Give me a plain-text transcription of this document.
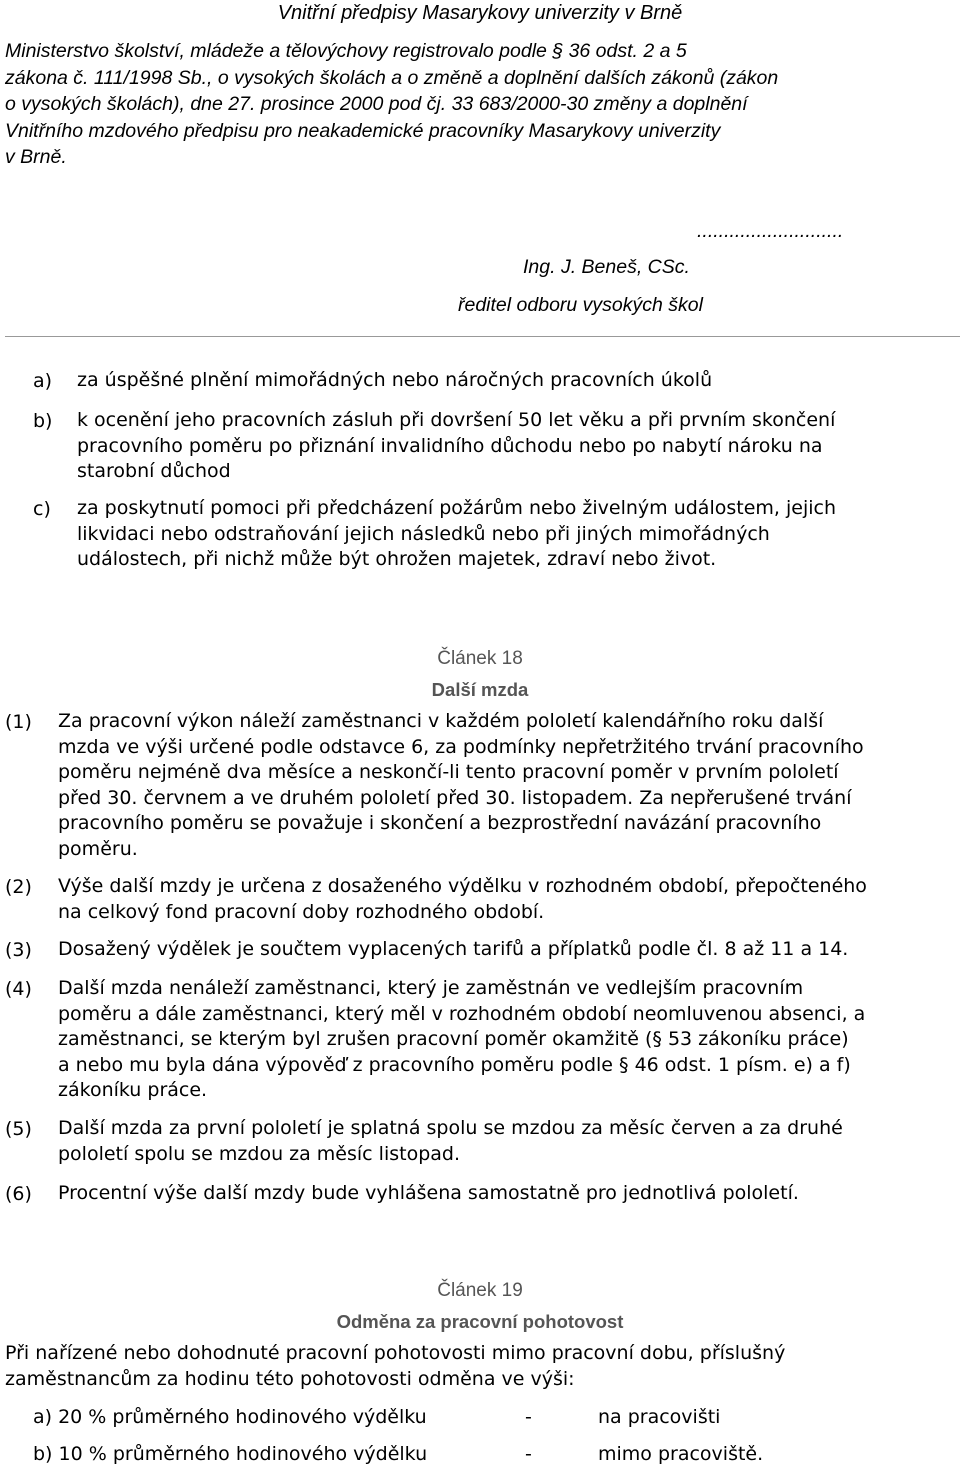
Vnitřní předpisy Masarykovy univerzity v Brně
Ministerstvo školství, mládeže a tělovýchovy registrovalo podle § 36 odst. 2 a 5
zákona č. 111/1998 Sb., o vysokých školách a o změně a doplnění dalších zákonů (zákon
o vysokých školách), dne 27. prosince 2000 pod čj. 33 683/2000-30 změny a doplnění
Vnitřního mzdového předpisu pro neakademické pracovníky Masarykovy univerzity
v Brně.
...........................
Ing. J. Beneš, CSc.
ředitel odboru vysokých škol
a) za úspěšné plnění mimořádných nebo náročných pracovních úkolů
b) k ocenění jeho pracovních zásluh při dovršení 50 let věku a při prvním skončení
pracovního poměru po přiznání invalidního důchodu nebo po nabytí nároku na
starobní důchod
c) za poskytnutí pomoci při předcházení požárům nebo živelným událostem, jejich
likvidaci nebo odstraňování jejich následků nebo při jiných mimořádných
událostech, při nichž může být ohrožen majetek, zdraví nebo život.
Článek 18
Další mzda
(1) Za pracovní výkon náleží zaměstnanci v každém pololetí kalendářního roku další
mzda ve výši určené podle odstavce 6, za podmínky nepřetržitého trvání pracovního
poměru nejméně dva měsíce a neskončí-li tento pracovní poměr v prvním pololetí
před 30. červnem a ve druhém pololetí před 30. listopadem. Za nepřerušené trvání
pracovního poměru se považuje i skončení a bezprostřední navázání pracovního
poměru.
(2) Výše další mzdy je určena z dosaženého výdělku v rozhodném období, přepočteného
na celkový fond pracovní doby rozhodného období.
(3) Dosažený výdělek je součtem vyplacených tarifů a příplatků podle čl. 8 až 11 a 14.
(4) Další mzda nenáleží zaměstnanci, který je zaměstnán ve vedlejším pracovním
poměru a dále zaměstnanci, který měl v rozhodném období neomluvenou absenci, a
zaměstnanci, se kterým byl zrušen pracovní poměr okamžitě (§ 53 zákoníku práce)
a nebo mu byla dána výpověď z pracovního poměru podle § 46 odst. 1 písm. e) a f)
zákoníku práce.
(5) Další mzda za první pololetí je splatná spolu se mzdou za měsíc červen a za druhé
pololetí spolu se mzdou za měsíc listopad.
(6) Procentní výše další mzdy bude vyhlášena samostatně pro jednotlivá pololetí.
Článek 19
Odměna za pracovní pohotovost
Při nařízené nebo dohodnuté pracovní pohotovosti mimo pracovní dobu, příslušný
zaměstnancům za hodinu této pohotovosti odměna ve výši:
a) 20 % průměrného hodinového výdělku	-	na pracovišti
b) 10 % průměrného hodinového výdělku	-	mimo pracoviště.
